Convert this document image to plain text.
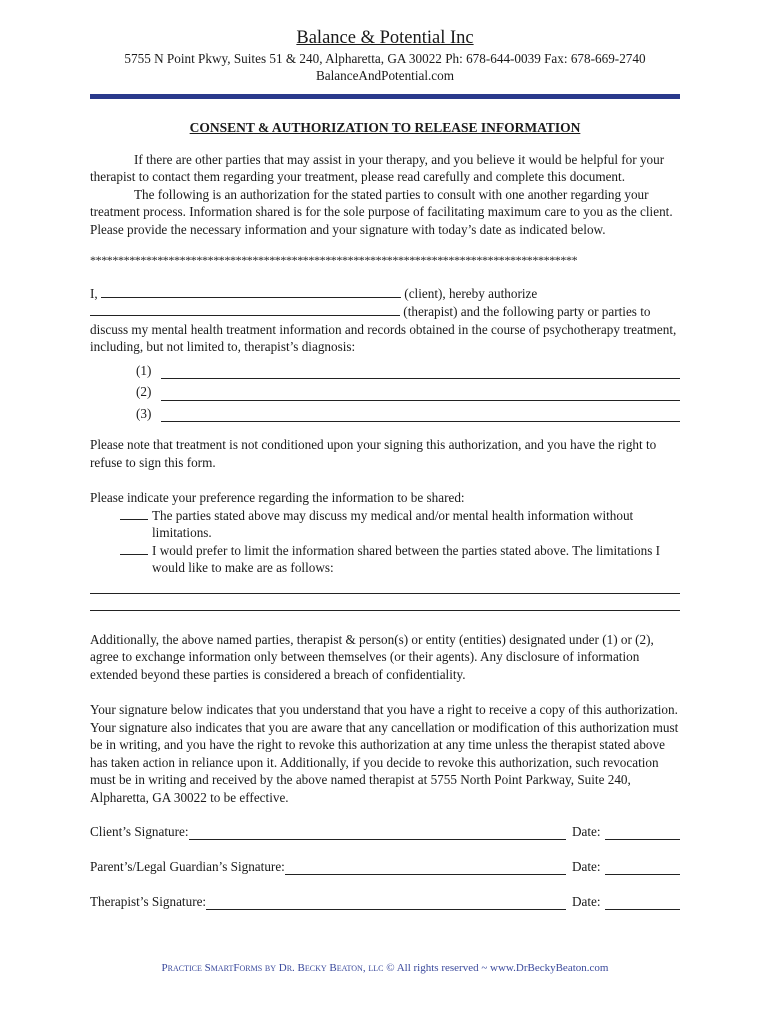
Balance & Potential Inc
5755 N Point Pkwy, Suites 51 & 240, Alpharetta, GA 30022 Ph: 678-644-0039 Fax: 678-669-2740
BalanceAndPotential.com
CONSENT & AUTHORIZATION TO RELEASE INFORMATION

If there are other parties that may assist in your therapy, and you believe it would be helpful for your therapist to contact them regarding your treatment, please read carefully and complete this document.

The following is an authorization for the stated parties to consult with one another regarding your treatment process. Information shared is for the sole purpose of facilitating maximum care to you as the client. Please provide the necessary information and your signature with today’s date as indicated below.

***************************************************************************************
I,	(client), hereby authorize
(therapist) and the following party or parties to

discuss my mental health treatment information and records obtained in the course of psychotherapy treatment, including, but not limited to, therapist’s diagnosis:

(1)
(2)
(3)

Please note that treatment is not conditioned upon your signing this authorization, and you have the right to refuse to sign this form.

Please indicate your preference regarding the information to be shared:

The parties stated above may discuss my medical and/or mental health information without limitations.
I would prefer to limit the information shared between the parties stated above. The limitations I would like to make are as follows:

Additionally, the above named parties, therapist & person(s) or entity (entities) designated under (1) or (2), agree to exchange information only between themselves (or their agents). Any disclosure of information extended beyond these parties is considered a breach of confidentiality.

Your signature below indicates that you understand that you have a right to receive a copy of this authorization. Your signature also indicates that you are aware that any cancellation or modification of this authorization must be in writing, and you have the right to revoke this authorization at any time unless the therapist stated above has taken action in reliance upon it. Additionally, if you decide to revoke this authorization, such revocation must be in writing and received by the above named therapist at 5755 North Point Parkway, Suite 240, Alpharetta, GA 30022 to be effective.

Client’s Signature:	Date:
Parent’s/Legal Guardian’s Signature:	Date:
Therapist’s Signature:	Date:
Practice SmartForms by Dr. Becky Beaton, llc © All rights reserved ~ www.DrBeckyBeaton.com
